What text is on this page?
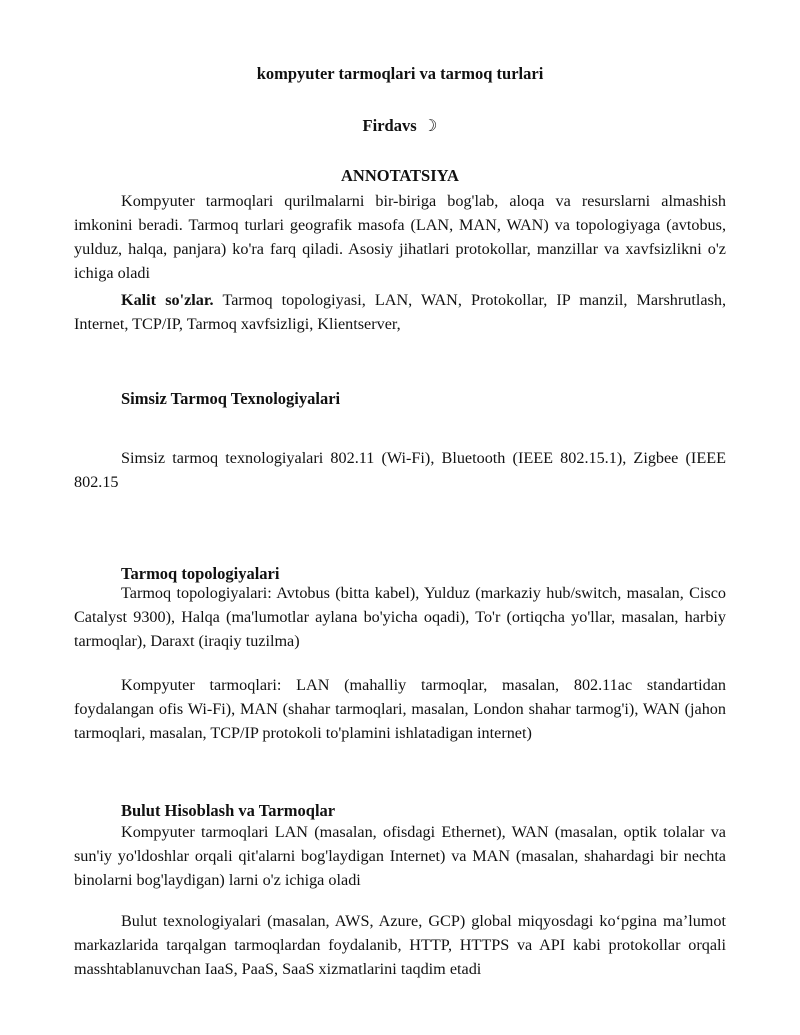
kompyuter tarmoqlari va tarmoq turlari
Firdavs ☽
ANNOTATSIYA
Kompyuter tarmoqlari qurilmalarni bir-biriga bog'lab, aloqa va resurslarni almashish imkonini beradi. Tarmoq turlari geografik masofa (LAN, MAN, WAN) va topologiyaga (avtobus, yulduz, halqa, panjara) ko'ra farq qiladi. Asosiy jihatlari protokollar, manzillar va xavfsizlikni o'z ichiga oladi
Kalit so'zlar. Tarmoq topologiyasi, LAN, WAN, Protokollar, IP manzil, Marshrutlash, Internet, TCP/IP, Tarmoq xavfsizligi, Klientserver,
Simsiz Tarmoq Texnologiyalari
Simsiz tarmoq texnologiyalari 802.11 (Wi-Fi), Bluetooth (IEEE 802.15.1), Zigbee (IEEE 802.15
Tarmoq topologiyalari
Tarmoq topologiyalari: Avtobus (bitta kabel), Yulduz (markaziy hub/switch, masalan, Cisco Catalyst 9300), Halqa (ma'lumotlar aylana bo'yicha oqadi), To'r (ortiqcha yo'llar, masalan, harbiy tarmoqlar), Daraxt (iraqiy tuzilma)
Kompyuter tarmoqlari: LAN (mahalliy tarmoqlar, masalan, 802.11ac standartidan foydalangan ofis Wi-Fi), MAN (shahar tarmoqlari, masalan, London shahar tarmog'i), WAN (jahon tarmoqlari, masalan, TCP/IP protokoli to'plamini ishlatadigan internet)
Bulut Hisoblash va Tarmoqlar
Kompyuter tarmoqlari LAN (masalan, ofisdagi Ethernet), WAN (masalan, optik tolalar va sun'iy yo'ldoshlar orqali qit'alarni bog'laydigan Internet) va MAN (masalan, shahardagi bir nechta binolarni bog'laydigan) larni o'z ichiga oladi
Bulut texnologiyalari (masalan, AWS, Azure, GCP) global miqyosdagi ko‘pgina ma’lumot markazlarida tarqalgan tarmoqlardan foydalanib, HTTP, HTTPS va API kabi protokollar orqali masshtablanuvchan IaaS, PaaS, SaaS xizmatlarini taqdim etadi
